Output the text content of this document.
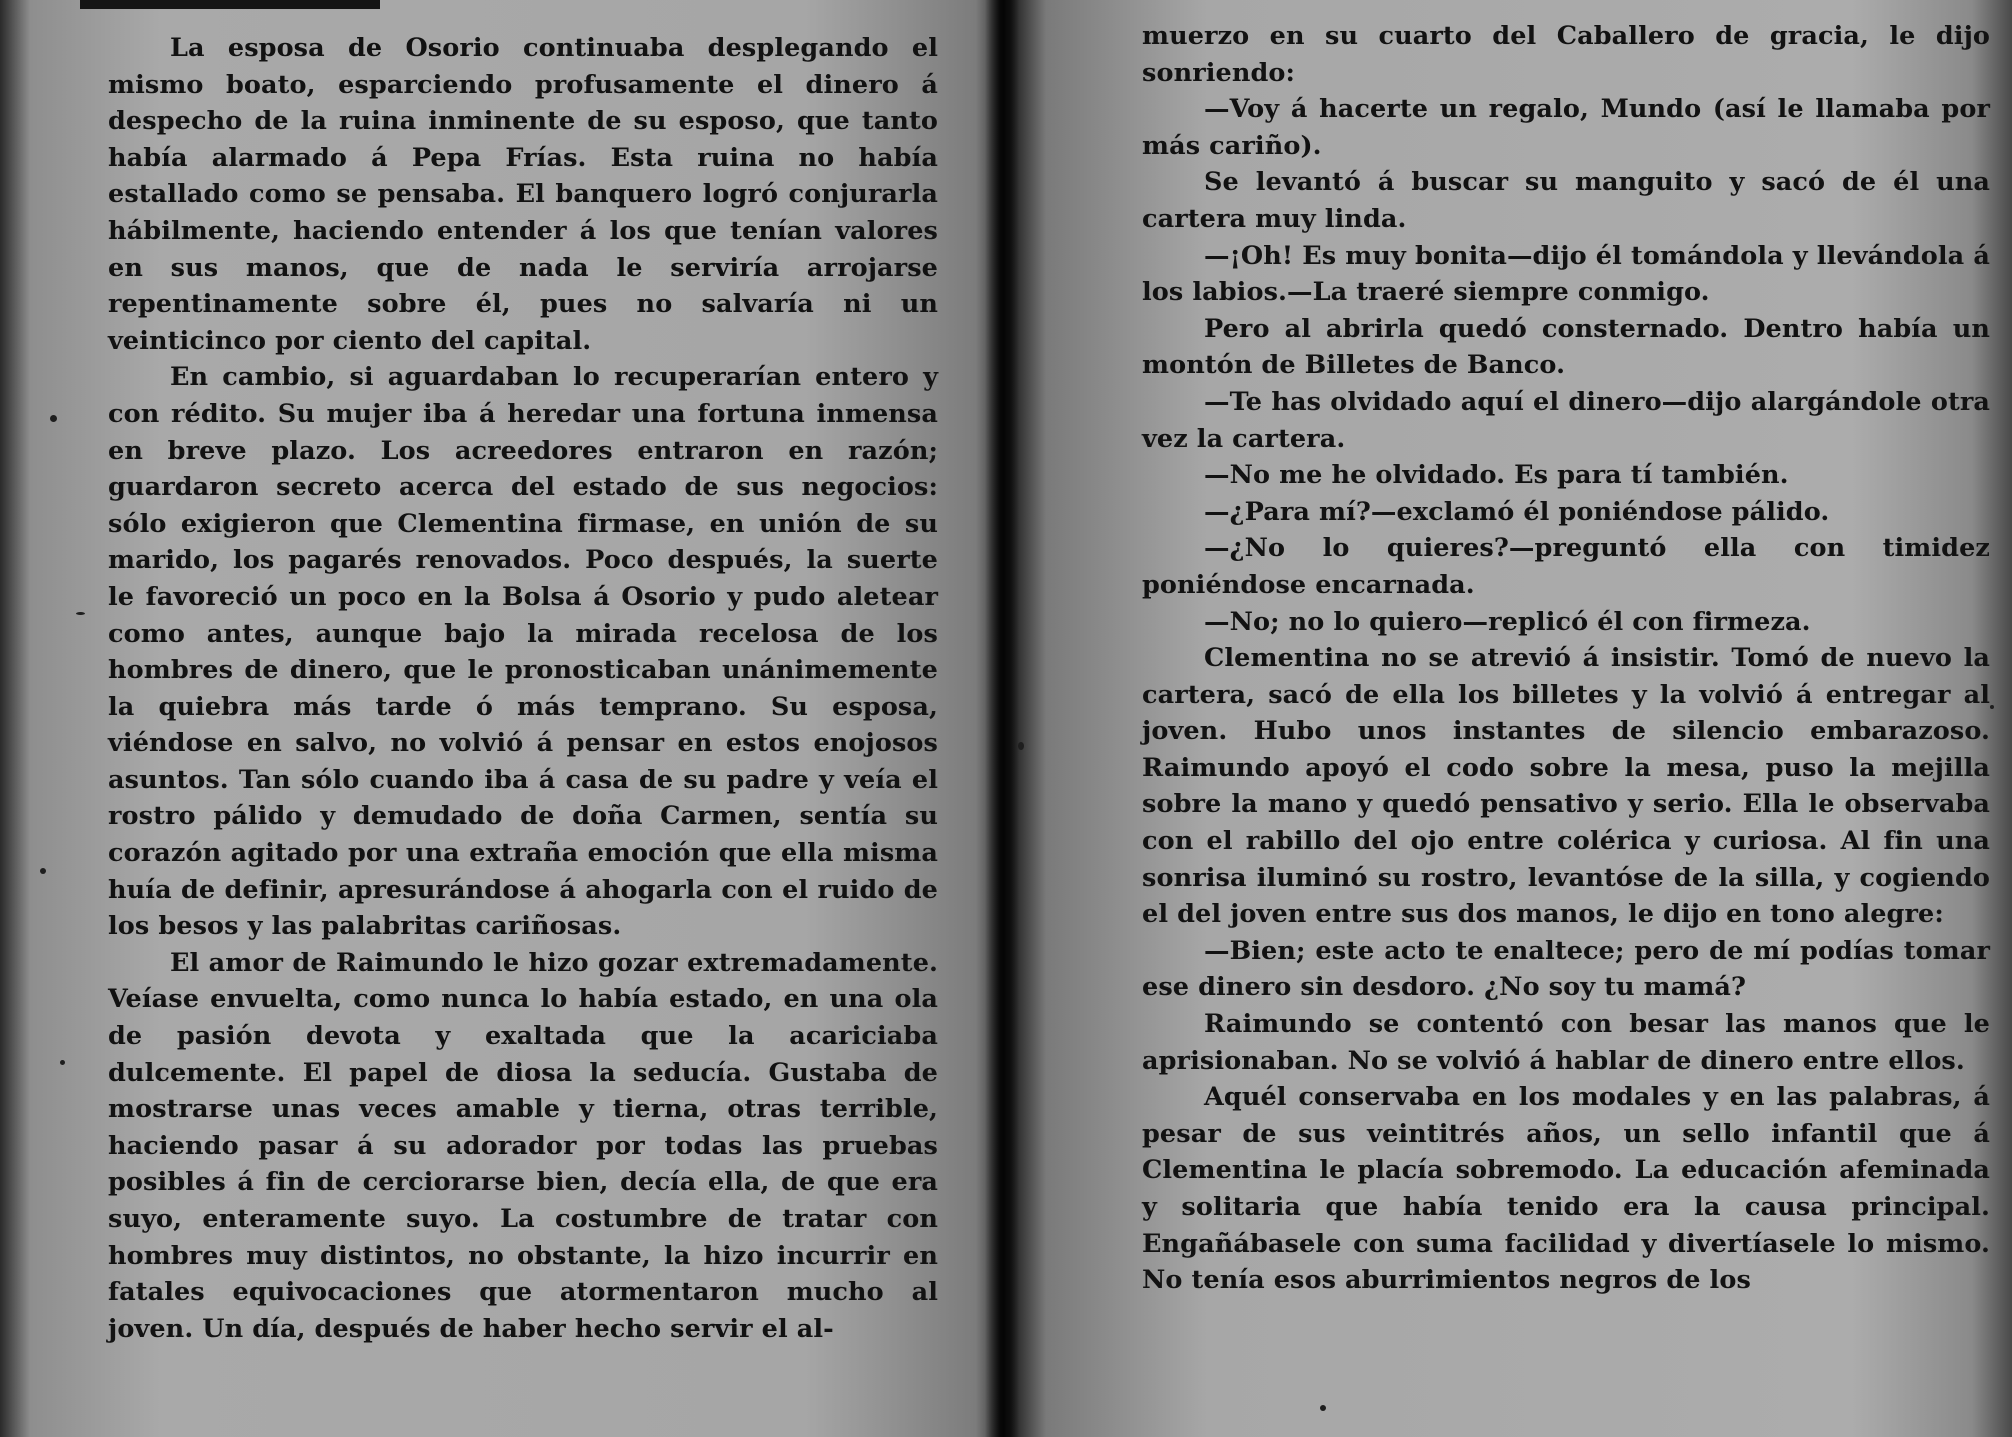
La esposa de Osorio continuaba desplegando el mismo boato, esparciendo profusamente el dinero á despecho de la ruina inminente de su esposo, que tanto había alarmado á Pepa Frías. Esta ruina no había estallado como se pensaba. El banquero logró conjurarla hábilmente, haciendo entender á los que tenían valores en sus manos, que de nada le serviría arrojarse repentinamente sobre él, pues no salvaría ni un veinticinco por ciento del capital.

En cambio, si aguardaban lo recuperarían entero y con rédito. Su mujer iba á heredar una fortuna inmensa en breve plazo. Los acreedores entraron en razón; guardaron secreto acerca del estado de sus negocios: sólo exigieron que Clementina firmase, en unión de su marido, los pagarés renovados. Poco después, la suerte le favoreció un poco en la Bolsa á Osorio y pudo aletear como antes, aunque bajo la mirada recelosa de los hombres de dinero, que le pronosticaban unánimemente la quiebra más tarde ó más temprano. Su esposa, viéndose en salvo, no volvió á pensar en estos enojosos asuntos. Tan sólo cuando iba á casa de su padre y veía el rostro pálido y demudado de doña Carmen, sentía su corazón agitado por una extraña emoción que ella misma huía de definir, apresurándose á ahogarla con el ruido de los besos y las palabritas cariñosas.

El amor de Raimundo le hizo gozar extremadamente. Veíase envuelta, como nunca lo había estado, en una ola de pasión devota y exaltada que la acariciaba dulcemente. El papel de diosa la seducía. Gustaba de mostrarse unas veces amable y tierna, otras terrible, haciendo pasar á su adorador por todas las pruebas posibles á fin de cerciorarse bien, decía ella, de que era suyo, enteramente suyo. La costumbre de tratar con hombres muy distintos, no obstante, la hizo incurrir en fatales equivocaciones que atormentaron mucho al joven. Un día, después de haber hecho servir el al-

muerzo en su cuarto del Caballero de gracia, le dijo sonriendo:

—Voy á hacerte un regalo, Mundo (así le llamaba por más cariño).

Se levantó á buscar su manguito y sacó de él una cartera muy linda.

—¡Oh! Es muy bonita—dijo él tomándola y llevándola á los labios.—La traeré siempre conmigo.

Pero al abrirla quedó consternado. Dentro había un montón de Billetes de Banco.

—Te has olvidado aquí el dinero—dijo alargándole otra vez la cartera.

—No me he olvidado. Es para tí también.

—¿Para mí?—exclamó él poniéndose pálido.

—¿No lo quieres?—preguntó ella con timidez poniéndose encarnada.

—No; no lo quiero—replicó él con firmeza.

Clementina no se atrevió á insistir. Tomó de nuevo la cartera, sacó de ella los billetes y la volvió á entregar al joven. Hubo unos instantes de silencio embarazoso. Raimundo apoyó el codo sobre la mesa, puso la mejilla sobre la mano y quedó pensativo y serio. Ella le observaba con el rabillo del ojo entre colérica y curiosa. Al fin una sonrisa iluminó su rostro, levantóse de la silla, y cogiendo el del joven entre sus dos manos, le dijo en tono alegre:

—Bien; este acto te enaltece; pero de mí podías tomar ese dinero sin desdoro. ¿No soy tu mamá?

Raimundo se contentó con besar las manos que le aprisionaban. No se volvió á hablar de dinero entre ellos.

Aquél conservaba en los modales y en las palabras, á pesar de sus veintitrés años, un sello infantil que á Clementina le placía sobremodo. La educación afeminada y solitaria que había tenido era la causa principal. Engañábasele con suma facilidad y divertíasele lo mismo. No tenía esos aburrimientos negros de los
